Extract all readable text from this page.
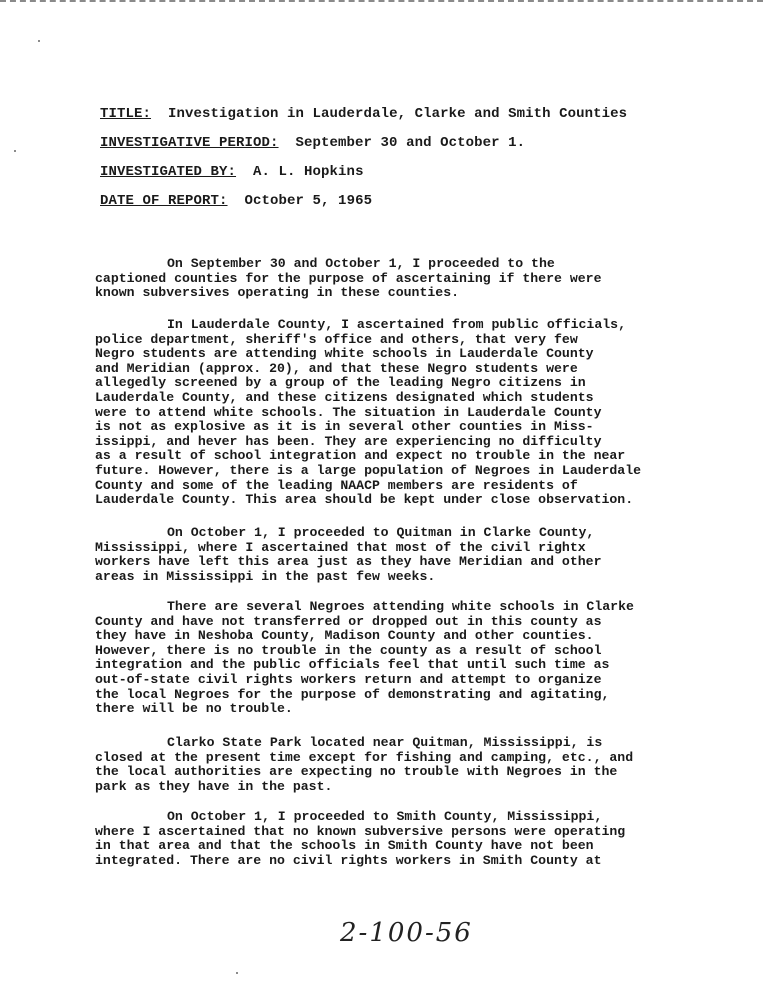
TITLE: Investigation in Lauderdale, Clarke and Smith Counties
INVESTIGATIVE PERIOD: September 30 and October 1.
INVESTIGATED BY: A. L. Hopkins
DATE OF REPORT: October 5, 1965
On September 30 and October 1, I proceeded to the
captioned counties for the purpose of ascertaining if there were
known subversives operating in these counties.
In Lauderdale County, I ascertained from public officials,
police department, sheriff's office and others, that very few
Negro students are attending white schools in Lauderdale County
and Meridian (approx. 20), and that these Negro students were
allegedly screened by a group of the leading Negro citizens in
Lauderdale County, and these citizens designated which students
were to attend white schools. The situation in Lauderdale County
is not as explosive as it is in several other counties in Miss-
issippi, and hever has been. They are experiencing no difficulty
as a result of school integration and expect no trouble in the near
future. However, there is a large population of Negroes in Lauderdale
County and some of the leading NAACP members are residents of
Lauderdale County. This area should be kept under close observation.
On October 1, I proceeded to Quitman in Clarke County,
Mississippi, where I ascertained that most of the civil rightx
workers have left this area just as they have Meridian and other
areas in Mississippi in the past few weeks.
There are several Negroes attending white schools in Clarke
County and have not transferred or dropped out in this county as
they have in Neshoba County, Madison County and other counties.
However, there is no trouble in the county as a result of school
integration and the public officials feel that until such time as
out-of-state civil rights workers return and attempt to organize
the local Negroes for the purpose of demonstrating and agitating,
there will be no trouble.
Clarko State Park located near Quitman, Mississippi, is
closed at the present time except for fishing and camping, etc., and
the local authorities are expecting no trouble with Negroes in the
park as they have in the past.
On October 1, I proceeded to Smith County, Mississippi,
where I ascertained that no known subversive persons were operating
in that area and that the schools in Smith County have not been
integrated. There are no civil rights workers in Smith County at
2-100-56
